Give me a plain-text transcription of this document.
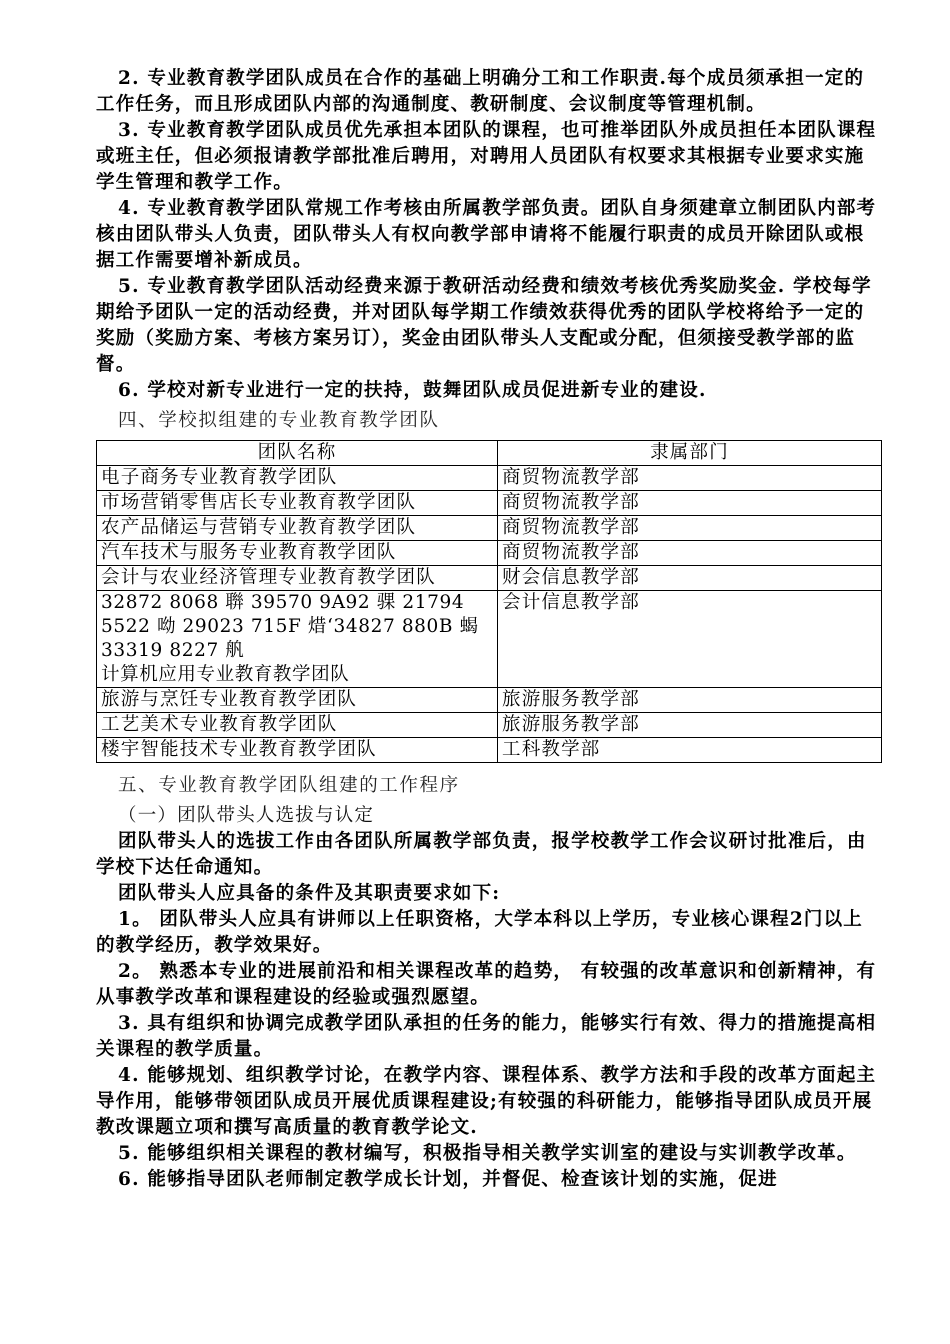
2. 专业教育教学团队成员在合作的基础上明确分工和工作职责.每个成员须承担一定的工作任务，而且形成团队内部的沟通制度、教研制度、会议制度等管理机制。

3. 专业教育教学团队成员优先承担本团队的课程，也可推举团队外成员担任本团队课程或班主任，但必须报请教学部批准后聘用，对聘用人员团队有权要求其根据专业要求实施学生管理和教学工作。

4. 专业教育教学团队常规工作考核由所属教学部负责。团队自身须建章立制团队内部考核由团队带头人负责，团队带头人有权向教学部申请将不能履行职责的成员开除团队或根据工作需要增补新成员。

5. 专业教育教学团队活动经费来源于教研活动经费和绩效考核优秀奖励奖金. 学校每学期给予团队一定的活动经费，并对团队每学期工作绩效获得优秀的团队学校将给予一定的奖励（奖励方案、考核方案另订），奖金由团队带头人支配或分配，但须接受教学部的监督。

6. 学校对新专业进行一定的扶持，鼓舞团队成员促进新专业的建设.

四、学校拟组建的专业教育教学团队

团队名称	隶属部门
电子商务专业教育教学团队	商贸物流教学部
市场营销零售店长专业教育教学团队	商贸物流教学部
农产品储运与营销专业教育教学团队	商贸物流教学部
汽车技术与服务专业教育教学团队	商贸物流教学部
会计与农业经济管理专业教育教学团队	财会信息教学部

32872 8068 聨 39570 9A92 骒 21794
5522 呦 29023 715F 焟‘34827 880B 蝎
33319 8227 舧
计算机应用专业教育教学团队	会计信息教学部
旅游与烹饪专业教育教学团队	旅游服务教学部
工艺美术专业教育教学团队	旅游服务教学部
楼宇智能技术专业教育教学团队	工科教学部

五、专业教育教学团队组建的工作程序

（一）团队带头人选拔与认定

团队带头人的选拔工作由各团队所属教学部负责，报学校教学工作会议研讨批准后，由学校下达任命通知。

团队带头人应具备的条件及其职责要求如下:

1。 团队带头人应具有讲师以上任职资格，大学本科以上学历，专业核心课程2门以上的教学经历，教学效果好。

2。 熟悉本专业的进展前沿和相关课程改革的趋势， 有较强的改革意识和创新精神，有从事教学改革和课程建设的经验或强烈愿望。

3. 具有组织和协调完成教学团队承担的任务的能力，能够实行有效、得力的措施提高相关课程的教学质量。

4. 能够规划、组织教学讨论，在教学内容、课程体系、教学方法和手段的改革方面起主导作用，能够带领团队成员开展优质课程建设;有较强的科研能力，能够指导团队成员开展教改课题立项和撰写高质量的教育教学论文.

5. 能够组织相关课程的教材编写，积极指导相关教学实训室的建设与实训教学改革。

6. 能够指导团队老师制定教学成长计划，并督促、检查该计划的实施，促进
